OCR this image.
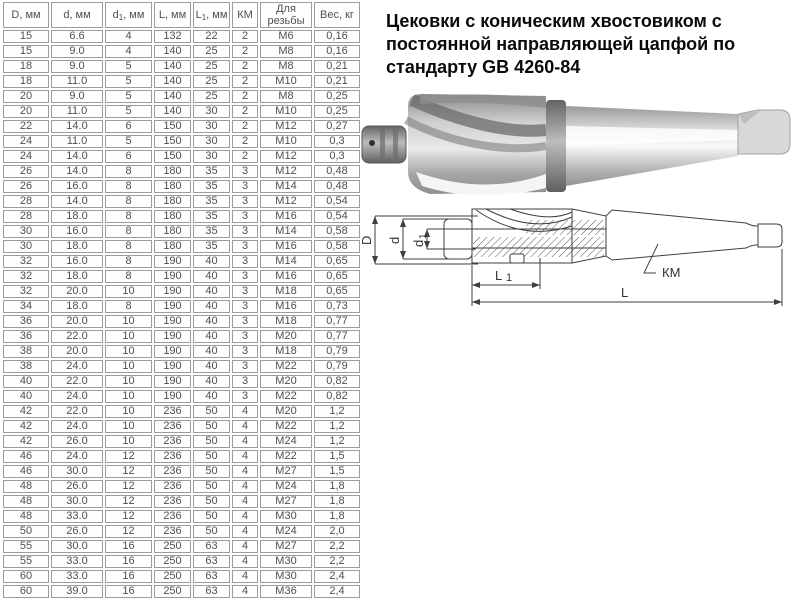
D, мм	d, мм	$d_1$, мм	L, мм	$L_1$, мм	КМ	Для резьбы	Вес, кг
15	6.6	4	132	22	2	M6	0,16
15	9.0	4	140	25	2	M8	0,16
18	9.0	5	140	25	2	M8	0,21
18	11.0	5	140	25	2	M10	0,21
20	9.0	5	140	25	2	M8	0,25
20	11.0	5	140	30	2	M10	0,25
22	14.0	6	150	30	2	M12	0,27
24	11.0	5	150	30	2	M10	0,3
24	14.0	6	150	30	2	M12	0,3
26	14.0	8	180	35	3	M12	0,48
26	16.0	8	180	35	3	M14	0,48
28	14.0	8	180	35	3	M12	0,54
28	18.0	8	180	35	3	M16	0,54
30	16.0	8	180	35	3	M14	0,58
30	18.0	8	180	35	3	M16	0,58
32	16.0	8	190	40	3	M14	0,65
32	18.0	8	190	40	3	M16	0,65
32	20.0	10	190	40	3	M18	0,65
34	18.0	8	190	40	3	M16	0,73
36	20.0	10	190	40	3	M18	0,77
36	22.0	10	190	40	3	M20	0,77
38	20.0	10	190	40	3	M18	0,79
38	24.0	10	190	40	3	M22	0,79
40	22.0	10	190	40	3	M20	0,82
40	24.0	10	190	40	3	M22	0,82
42	22.0	10	236	50	4	M20	1,2
42	24.0	10	236	50	4	M22	1,2
42	26.0	10	236	50	4	M24	1,2
46	24.0	12	236	50	4	M22	1,5
46	30.0	12	236	50	4	M27	1,5
48	26.0	12	236	50	4	M24	1,8
48	30.0	12	236	50	4	M27	1,8
48	33.0	12	236	50	4	M30	1,8
50	26.0	12	236	50	4	M24	2,0
55	30.0	16	250	63	4	M27	2,2
55	33.0	16	250	63	4	M30	2,2
60	33.0	16	250	63	4	M30	2,4
60	39.0	16	250	63	4	M36	2,4
Цековки с коническим хвостовиком с
постоянной направляющей цапфой по
стандарту GB 4260-84
D d d
1
L 1
L
КМ
